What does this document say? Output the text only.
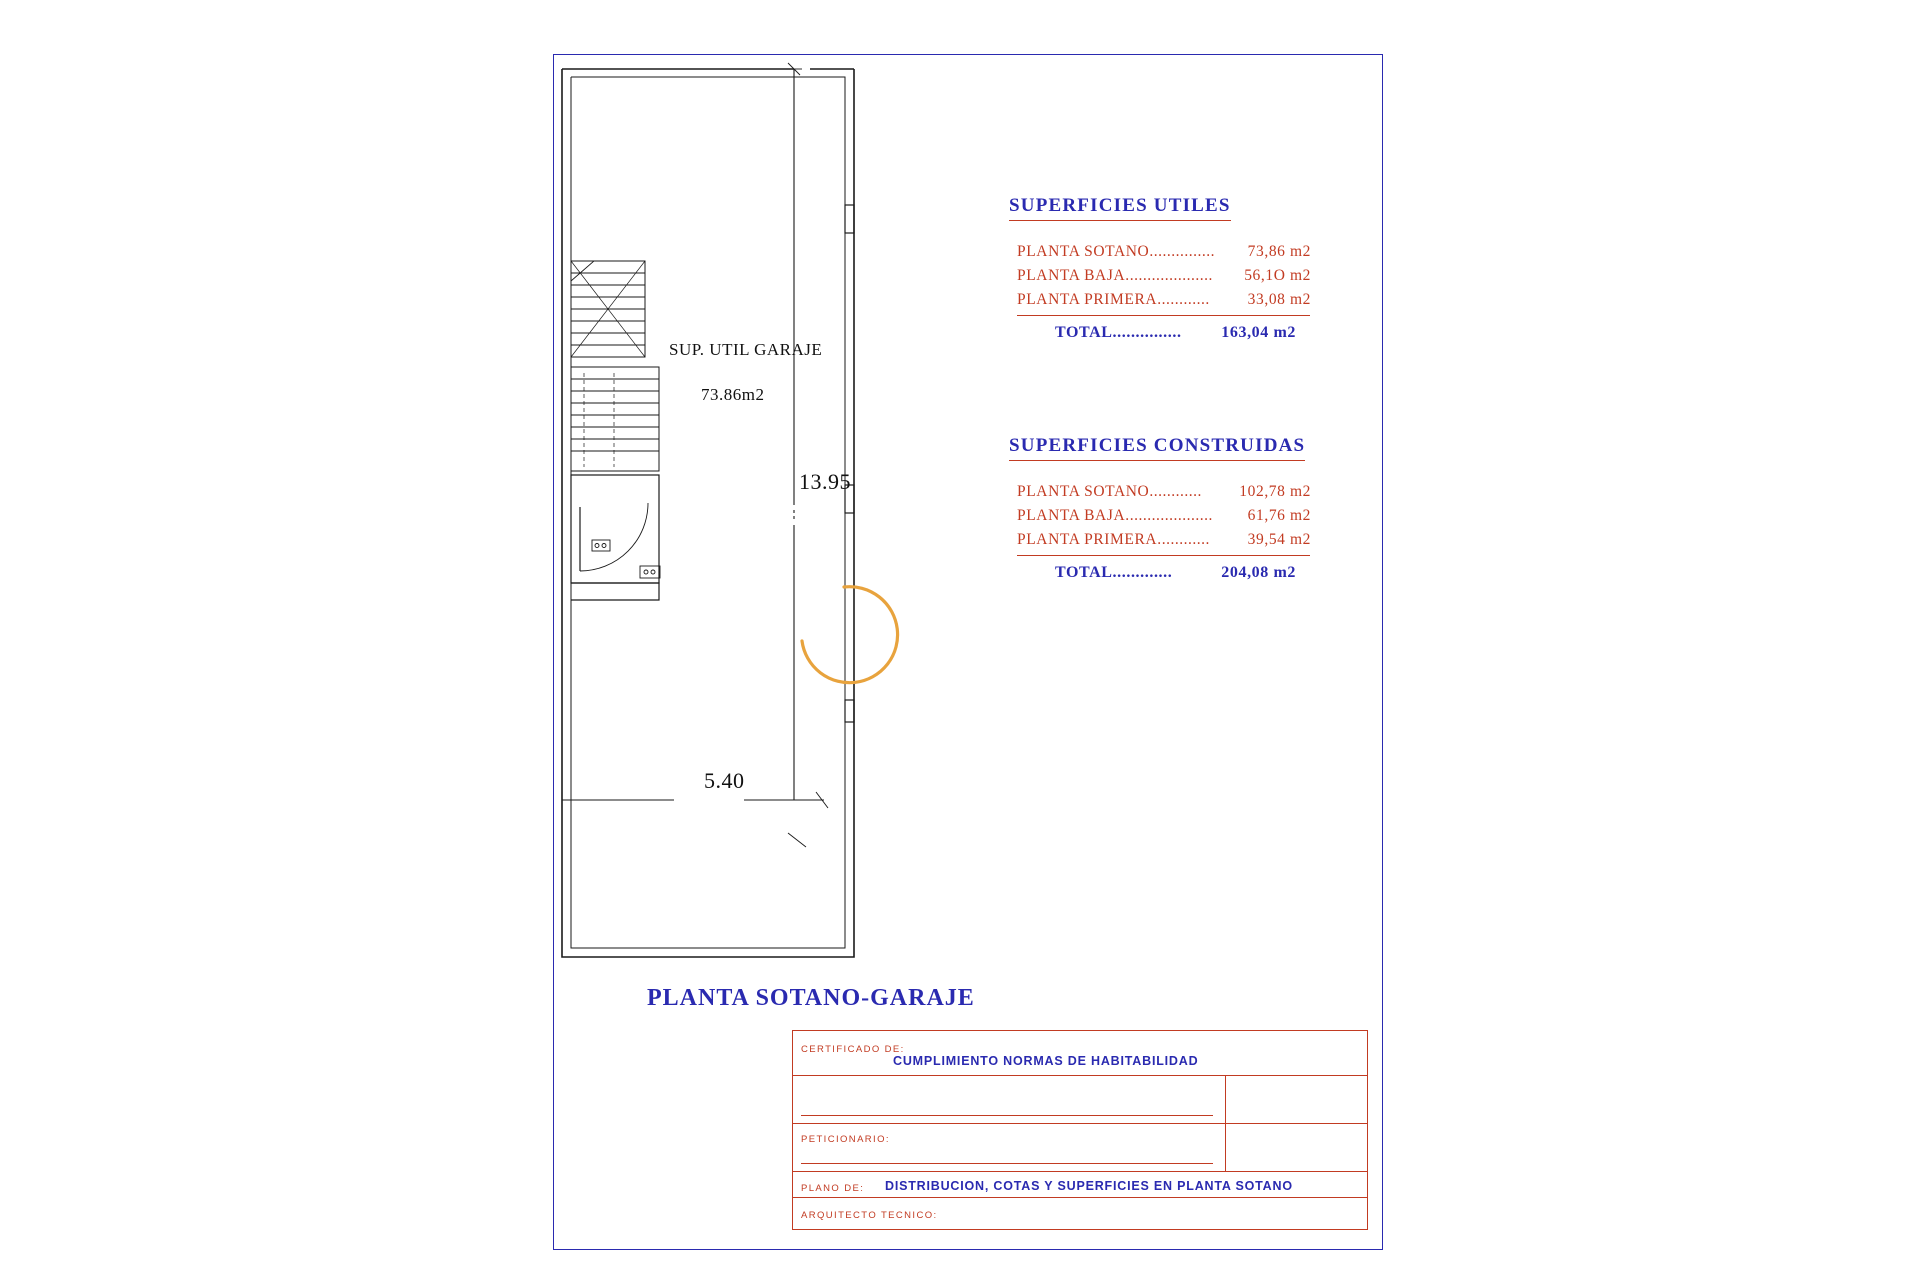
SUP. UTIL GARAJE
73.86m2
13.95
5.40
PLANTA SOTANO-GARAJE
SUPERFICIES UTILES
PLANTA SOTANO ............... 73,86 m2
PLANTA BAJA. ................... 56,1O m2
PLANTA PRIMERA ............ 33,08 m2
TOTAL............... 163,04 m2
SUPERFICIES CONSTRUIDAS
PLANTA SOTANO ............ 102,78 m2
PLANTA BAJA. ................... 61,76 m2
PLANTA PRIMERA. ........... 39,54 m2
TOTAL.............	204,08 m2
CERTIFICADO DE:
CUMPLIMIENTO NORMAS DE HABITABILIDAD
PETICIONARIO:
PLANO DE: DISTRIBUCION, COTAS Y SUPERFICIES EN PLANTA SOTANO
ARQUITECTO TECNICO:
